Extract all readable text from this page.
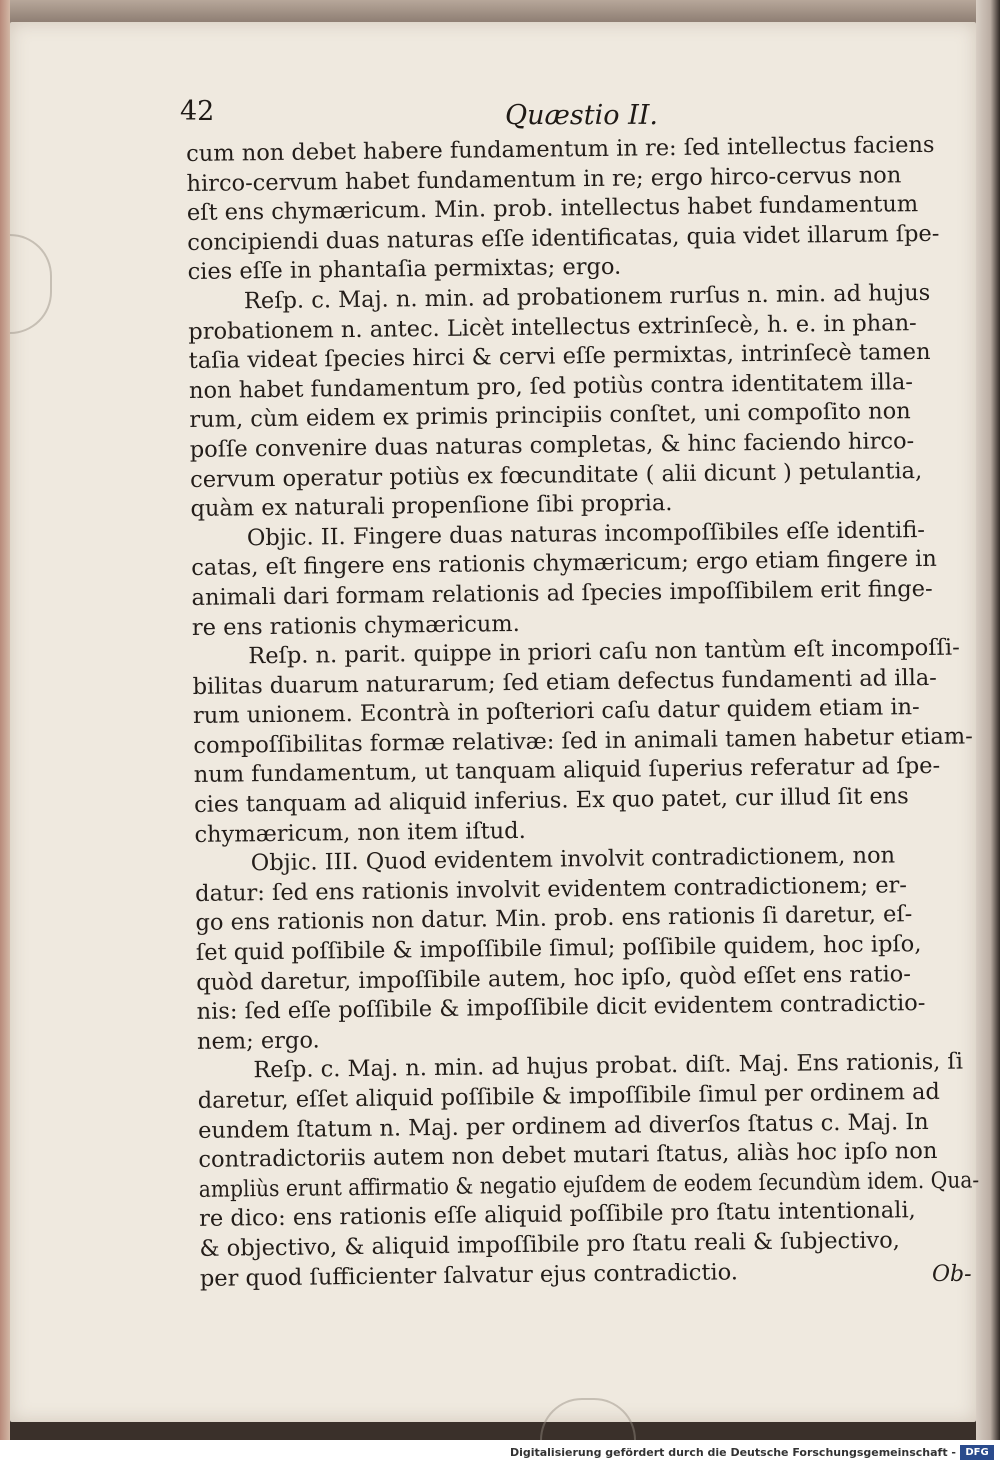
42	Quæstio II.
cum non debet habere fundamentum in re: ſed intellectus faciens
hirco-cervum habet fundamentum in re; ergo hirco-cervus non
eſt ens chymæricum. Min. prob. intellectus habet fundamentum
concipiendi duas naturas eſſe identificatas, quia videt illarum ſpe-
cies eſſe in phantaſia permixtas; ergo.
Reſp. c. Maj. n. min. ad probationem rurſus n. min. ad hujus
probationem n. antec. Licèt intellectus extrinſecè, h. e. in phan-
taſia videat ſpecies hirci & cervi eſſe permixtas, intrinſecè tamen
non habet fundamentum pro, ſed potiùs contra identitatem illa-
rum, cùm eidem ex primis principiis conſtet, uni compoſito non
poſſe convenire duas naturas completas, & hinc faciendo hirco-
cervum operatur potiùs ex fœcunditate ( alii dicunt ) petulantia,
quàm ex naturali propenſione ſibi propria.
Objic. II. Fingere duas naturas incompoſſibiles eſſe identifi-
catas, eſt fingere ens rationis chymæricum; ergo etiam fingere in
animali dari formam relationis ad ſpecies impoſſibilem erit finge-
re ens rationis chymæricum.
Reſp. n. parit. quippe in priori caſu non tantùm eſt incompoſſi-
bilitas duarum naturarum; ſed etiam defectus fundamenti ad illa-
rum unionem. Econtrà in poſteriori caſu datur quidem etiam in-
compoſſibilitas formæ relativæ: ſed in animali tamen habetur etiam-
num fundamentum, ut tanquam aliquid ſuperius referatur ad ſpe-
cies tanquam ad aliquid inferius. Ex quo patet, cur illud ſit ens
chymæricum, non item iſtud.
Objic. III. Quod evidentem involvit contradictionem, non
datur: ſed ens rationis involvit evidentem contradictionem; er-
go ens rationis non datur. Min. prob. ens rationis ſi daretur, eſ-
ſet quid poſſibile & impoſſibile ſimul; poſſibile quidem, hoc ipſo,
quòd daretur, impoſſibile autem, hoc ipſo, quòd eſſet ens ratio-
nis: ſed eſſe poſſibile & impoſſibile dicit evidentem contradictio-
nem; ergo.
Reſp. c. Maj. n. min. ad hujus probat. diſt. Maj. Ens rationis, ſi
daretur, eſſet aliquid poſſibile & impoſſibile ſimul per ordinem ad
eundem ſtatum n. Maj. per ordinem ad diverſos ſtatus c. Maj. In
contradictoriis autem non debet mutari ſtatus, aliàs hoc ipſo non
ampliùs erunt affirmatio & negatio ejuſdem de eodem ſecundùm idem. Qua-
re dico: ens rationis eſſe aliquid poſſibile pro ſtatu intentionali,
& objectivo, & aliquid impoſſibile pro ſtatu reali & ſubjectivo,
per quod ſufficienter ſalvatur ejus contradictio.	Ob-
Digitalisierung gefördert durch die Deutsche Forschungsgemeinschaft - DFG
